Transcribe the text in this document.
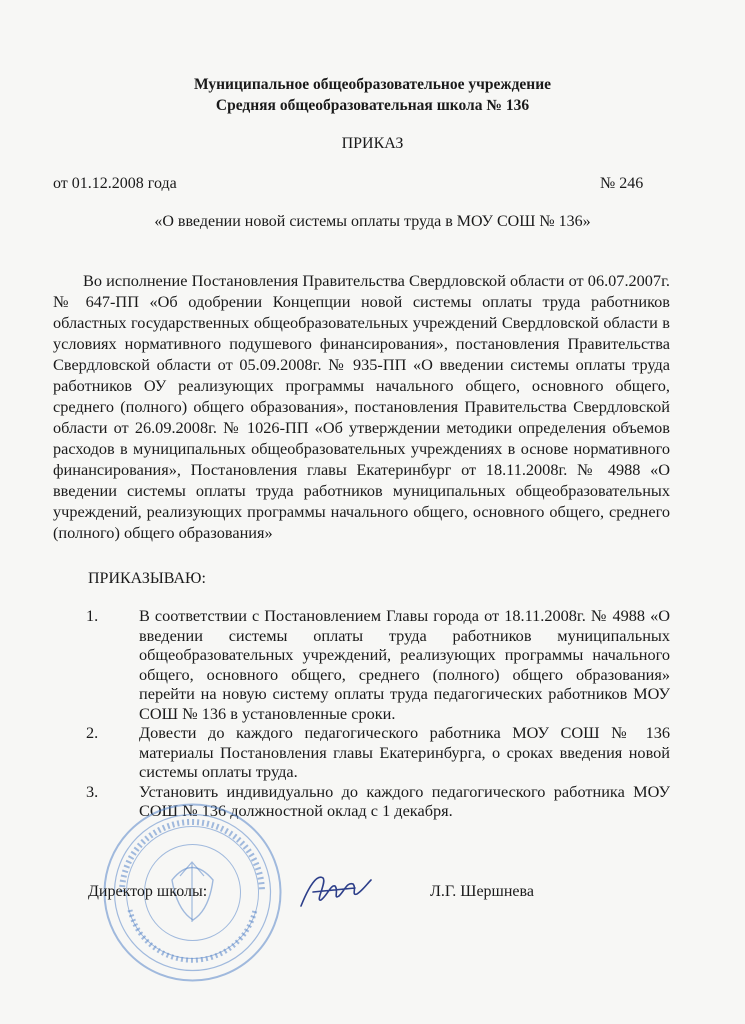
Муниципальное общеобразовательное учреждение
Средняя общеобразовательная школа № 136
ПРИКАЗ
от 01.12.2008 года	№ 246
«О введении новой системы оплаты труда в МОУ СОШ № 136»

Во исполнение Постановления Правительства Свердловской области от 06.07.2007г. № 647-ПП «Об одобрении Концепции новой системы оплаты труда работников областных государственных общеобразовательных учреждений Свердловской области в условиях нормативного подушевого финансирования», постановления Правительства Свердловской области от 05.09.2008г. № 935-ПП «О введении системы оплаты труда работников ОУ реализующих программы начального общего, основного общего, среднего (полного) общего образования», постановления Правительства Свердловской области от 26.09.2008г. № 1026-ПП «Об утверждении методики определения объемов расходов в муниципальных общеобразовательных учреждениях в основе нормативного финансирования», Постановления главы Екатеринбург от 18.11.2008г. № 4988 «О введении системы оплаты труда работников муниципальных общеобразовательных учреждений, реализующих программы начального общего, основного общего, среднего (полного) общего образования»

ПРИКАЗЫВАЮ:
1.	В соответствии с Постановлением Главы города от 18.11.2008г. № 4988 «О введении системы оплаты труда работников муниципальных общеобразовательных учреждений, реализующих программы начального общего, основного общего, среднего (полного) общего образования» перейти на новую систему оплаты труда педагогических работников МОУ СОШ № 136 в установленные сроки.
2.	Довести до каждого педагогического работника МОУ СОШ № 136 материалы Постановления главы Екатеринбурга, о сроках введения новой системы оплаты труда.
3.	Установить индивидуально до каждого педагогического работника МОУ СОШ № 136 должностной оклад с 1 декабря.
Директор школы:	Л.Г. Шершнева
